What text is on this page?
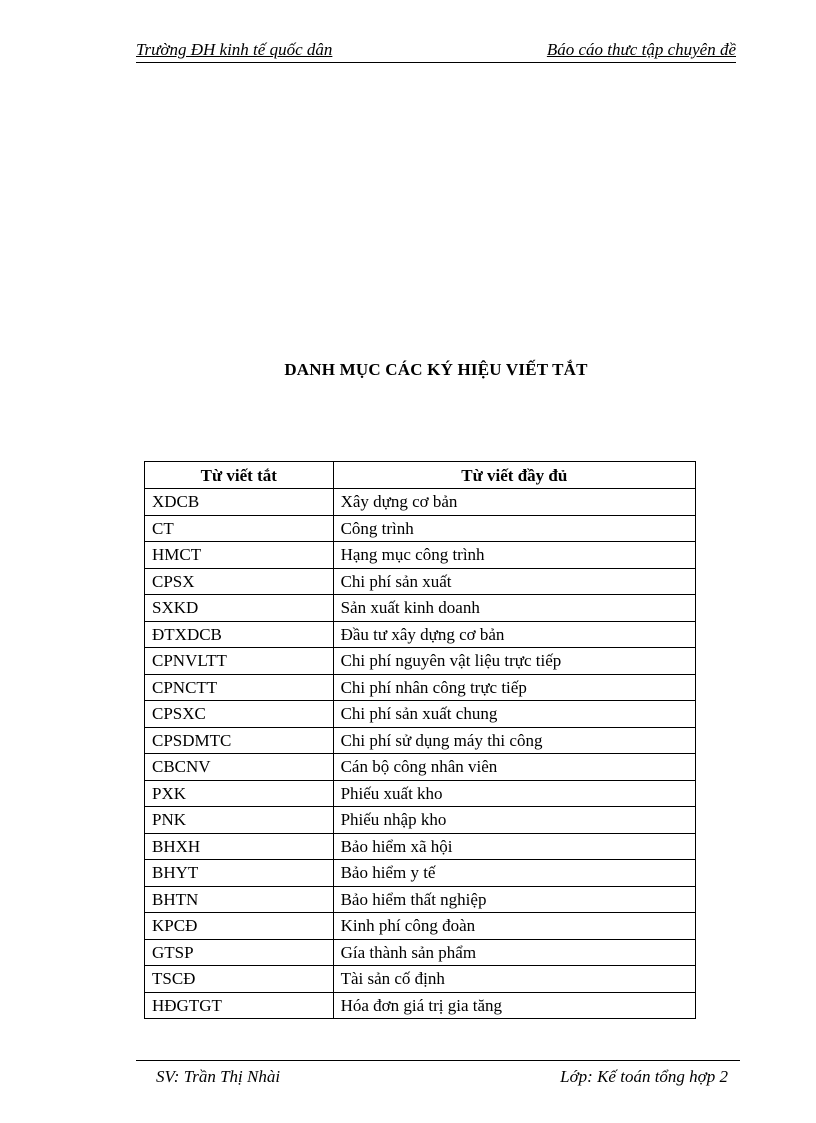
Trường ĐH kinh tế quốc dân	Báo cáo thưc tập chuyên đề
DANH MỤC CÁC KÝ HIỆU VIẾT TẮT
Từ viết tắt	Từ viết đầy đủ
XDCB	Xây dựng cơ bản
CT	Công trình
HMCT	Hạng mục công trình
CPSX	Chi phí sản xuất
SXKD	Sản xuất kinh doanh
ĐTXDCB	Đầu tư xây dựng cơ bản
CPNVLTT	Chi phí nguyên vật liệu trực tiếp
CPNCTT	Chi phí nhân công trực tiếp
CPSXC	Chi phí sản xuất chung
CPSDMTC	Chi phí sử dụng máy thi công
CBCNV	Cán bộ công nhân viên
PXK	Phiếu xuất kho
PNK	Phiếu nhập kho
BHXH	Bảo hiểm xã hội
BHYT	Bảo hiểm y tế
BHTN	Bảo hiểm thất nghiệp
KPCĐ	Kinh phí công đoàn
GTSP	Gía thành sản phẩm
TSCĐ	Tài sản cố định
HĐGTGT	Hóa đơn giá trị gia tăng
SV: Trần Thị Nhài	Lớp: Kế toán tổng hợp 2
